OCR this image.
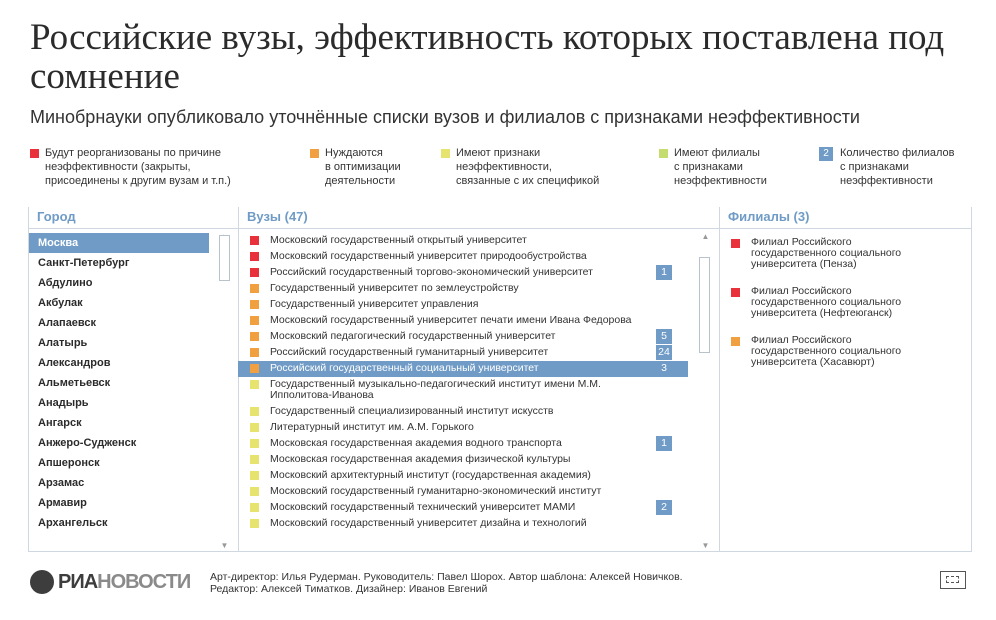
Российские вузы, эффективность которых поставлена под сомнение
Минобрнауки опубликовало уточнённые списки вузов и филиалов с признаками неэффективности
Будут реорганизованы по причине
неэффективности (закрыты,
присоединены к другим вузам и т.п.)
Нуждаются
в оптимизации
деятельности
Имеют признаки
неэффективности,
связанные с их спецификой
Имеют филиалы
с признаками
неэффективности
2	Количество филиалов
с признаками
неэффективности
Город
Москва
Санкт-Петербург
Абдулино
Акбулак
Алапаевск
Алатырь
Александров
Альметьевск
Анадырь
Ангарск
Анжеро-Судженск
Апшеронск
Арзамас
Армавир
Архангельск
▼
Вузы (47)
Московский государственный открытый университет
Московский государственный университет природообустройства
Российский государственный торгово-экономический университет	1
Государственный университет по землеустройству
Государственный университет управления
Московский государственный университет печати имени Ивана Федорова
Московский педагогический государственный университет	5
Российский государственный гуманитарный университет	24
Российский государственный социальный университет	3
Государственный музыкально-педагогический институт имени М.М. Ипполитова-Иванова
Государственный специализированный институт искусств
Литературный институт им. А.М. Горького
Московская государственная академия водного транспорта	1
Московская государственная академия физической культуры
Московский архитектурный институт (государственная академия)
Московский государственный гуманитарно-экономический институт
Московский государственный технический университет МАМИ	2
Московский государственный университет дизайна и технологий
▲
▼
Филиалы (3)
Филиал Российского
государственного социального
университета (Пенза)
Филиал Российского
государственного социального
университета (Нефтеюганск)
Филиал Российского
государственного социального
университета (Хасавюрт)
РИАНОВОСТИ Арт-директор: Илья Рудерман. Руководитель: Павел Шорох. Автор шаблона: Алексей Новичков.
Редактор: Алексей Тиматков. Дизайнер: Иванов Евгений
